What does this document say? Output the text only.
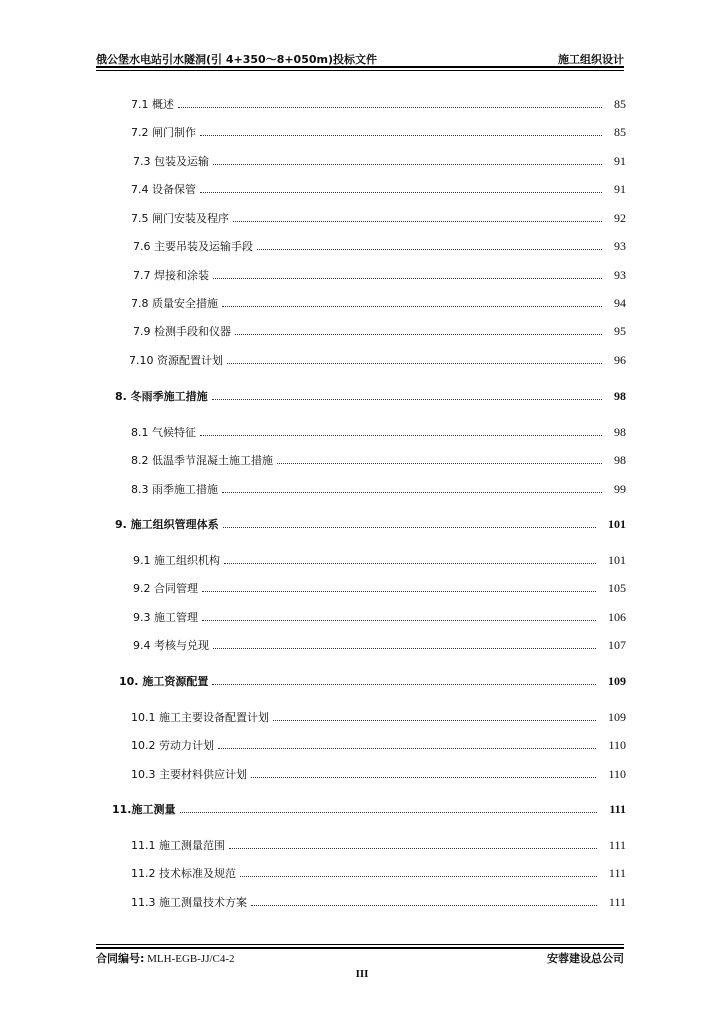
俄公堡水电站引水隧洞(引 4+350～8+050m)投标文件	施工组织设计
7.1 概述	85
7.2 闸门制作	85
7.3 包装及运输	91
7.4 设备保管	91
7.5 闸门安装及程序	92
7.6 主要吊装及运输手段	93
7.7 焊接和涂装	93
7.8 质量安全措施	94
7.9 检测手段和仪器	95
7.10 资源配置计划	96
8. 冬雨季施工措施	98
8.1 气候特征	98
8.2 低温季节混凝土施工措施	98
8.3 雨季施工措施	99
9. 施工组织管理体系	101
9.1 施工组织机构	101
9.2 合同管理	105
9.3 施工管理	106
9.4 考核与兑现	107
10. 施工资源配置	109
10.1 施工主要设备配置计划	109
10.2 劳动力计划	110
10.3 主要材料供应计划	110
11.施工测量	111
11.1 施工测量范围	111
11.2 技术标准及规范	111
11.3 施工测量技术方案	111
合同编号: MLH-EGB-JJ/C4-2	安蓉建设总公司
III
